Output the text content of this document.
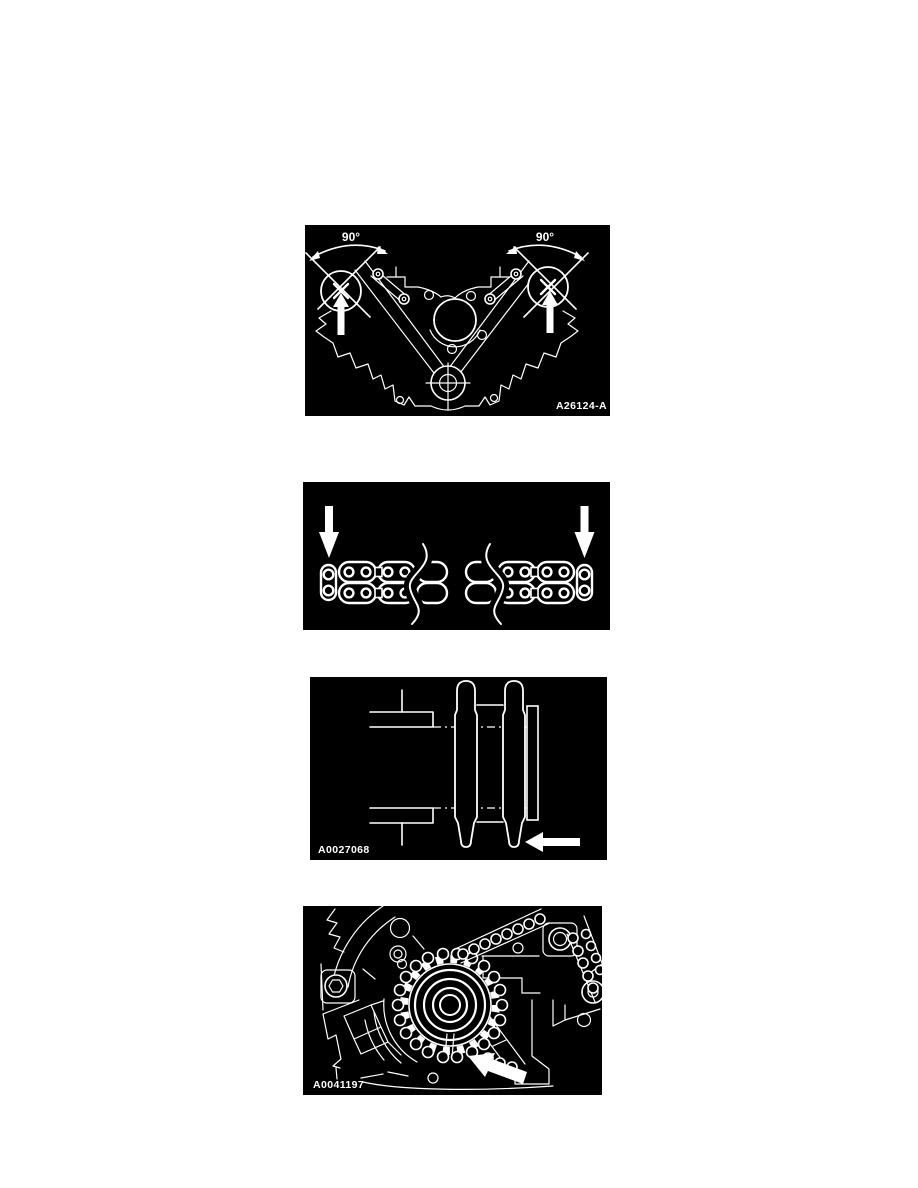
90°	90°
A26124-A
A0027068
A0041197
